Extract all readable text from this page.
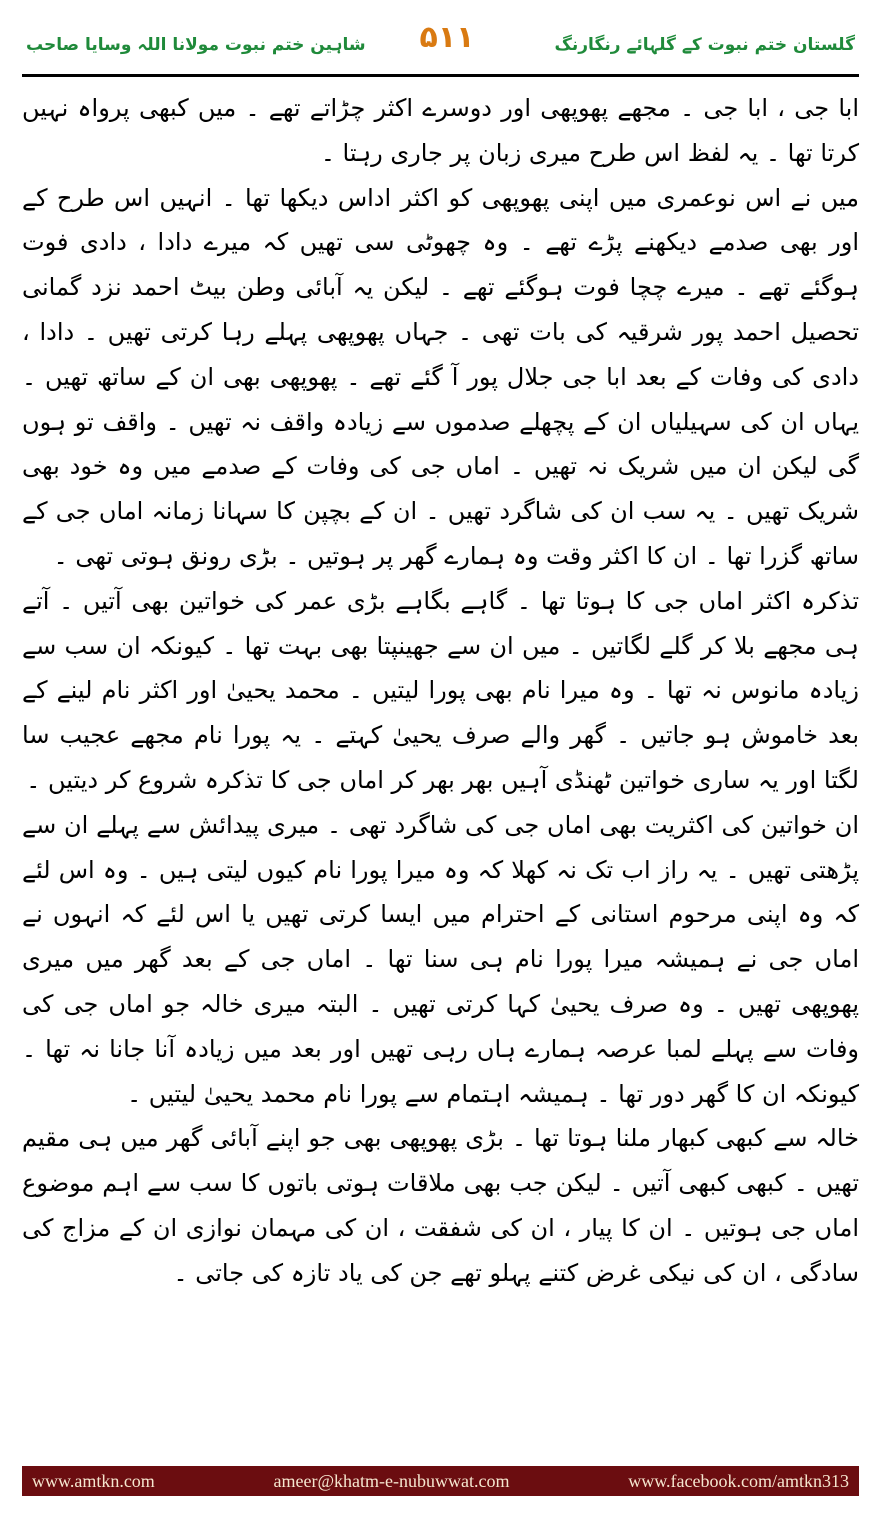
شاہین ختم نبوت مولانا اللہ وسایا صاحب ۵۱۱	گلستان ختم نبوت کے گلہائے رنگارنگ

ابا جی ، ابا جی ۔ مجھے پھوپھی اور دوسرے اکثر چڑاتے تھے ۔ میں کبھی پرواہ نہیں کرتا تھا ۔ یہ لفظ اس طرح میری زبان پر جاری رہتا ۔

میں نے اس نوعمری میں اپنی پھوپھی کو اکثر اداس دیکھا تھا ۔ انہیں اس طرح کے اور بھی صدمے دیکھنے پڑے تھے ۔ وہ چھوٹی سی تھیں کہ میرے دادا ، دادی فوت ہوگئے تھے ۔ میرے چچا فوت ہوگئے تھے ۔ لیکن یہ آبائی وطن بیٹ احمد نزد گمانی تحصیل احمد پور شرقیہ کی بات تھی ۔ جہاں پھوپھی پہلے رہا کرتی تھیں ۔ دادا ، دادی کی وفات کے بعد ابا جی جلال پور آ گئے تھے ۔ پھوپھی بھی ان کے ساتھ تھیں ۔ یہاں ان کی سہیلیاں ان کے پچھلے صدموں سے زیادہ واقف نہ تھیں ۔ واقف تو ہوں گی لیکن ان میں شریک نہ تھیں ۔ اماں جی کی وفات کے صدمے میں وہ خود بھی شریک تھیں ۔ یہ سب ان کی شاگرد تھیں ۔ ان کے بچپن کا سہانا زمانہ اماں جی کے ساتھ گزرا تھا ۔ ان کا اکثر وقت وہ ہمارے گھر پر ہوتیں ۔ بڑی رونق ہوتی تھی ۔

تذکرہ اکثر اماں جی کا ہوتا تھا ۔ گاہے بگاہے بڑی عمر کی خواتین بھی آتیں ۔ آتے ہی مجھے بلا کر گلے لگاتیں ۔ میں ان سے جھینپتا بھی بہت تھا ۔ کیونکہ ان سب سے زیادہ مانوس نہ تھا ۔ وہ میرا نام بھی پورا لیتیں ۔ محمد یحییٰ اور اکثر نام لینے کے بعد خاموش ہو جاتیں ۔ گھر والے صرف یحییٰ کہتے ۔ یہ پورا نام مجھے عجیب سا لگتا اور یہ ساری خواتین ٹھنڈی آہیں بھر بھر کر اماں جی کا تذکرہ شروع کر دیتیں ۔

ان خواتین کی اکثریت بھی اماں جی کی شاگرد تھی ۔ میری پیدائش سے پہلے ان سے پڑھتی تھیں ۔ یہ راز اب تک نہ کھلا کہ وہ میرا پورا نام کیوں لیتی ہیں ۔ وہ اس لئے کہ وہ اپنی مرحوم استانی کے احترام میں ایسا کرتی تھیں یا اس لئے کہ انہوں نے اماں جی نے ہمیشہ میرا پورا نام ہی سنا تھا ۔ اماں جی کے بعد گھر میں میری پھوپھی تھیں ۔ وہ صرف یحییٰ کہا کرتی تھیں ۔ البتہ میری خالہ جو اماں جی کی وفات سے پہلے لمبا عرصہ ہمارے ہاں رہی تھیں اور بعد میں زیادہ آنا جانا نہ تھا ۔ کیونکہ ان کا گھر دور تھا ۔ ہمیشہ اہتمام سے پورا نام محمد یحییٰ لیتیں ۔

خالہ سے کبھی کبھار ملنا ہوتا تھا ۔ بڑی پھوپھی بھی جو اپنے آبائی گھر میں ہی مقیم تھیں ۔ کبھی کبھی آتیں ۔ لیکن جب بھی ملاقات ہوتی باتوں کا سب سے اہم موضوع اماں جی ہوتیں ۔ ان کا پیار ، ان کی شفقت ، ان کی مہمان نوازی ان کے مزاج کی سادگی ، ان کی نیکی غرض کتنے پہلو تھے جن کی یاد تازہ کی جاتی ۔

www.amtkn.com	ameer@khatm-e-nubuwwat.com	www.facebook.com/amtkn313
